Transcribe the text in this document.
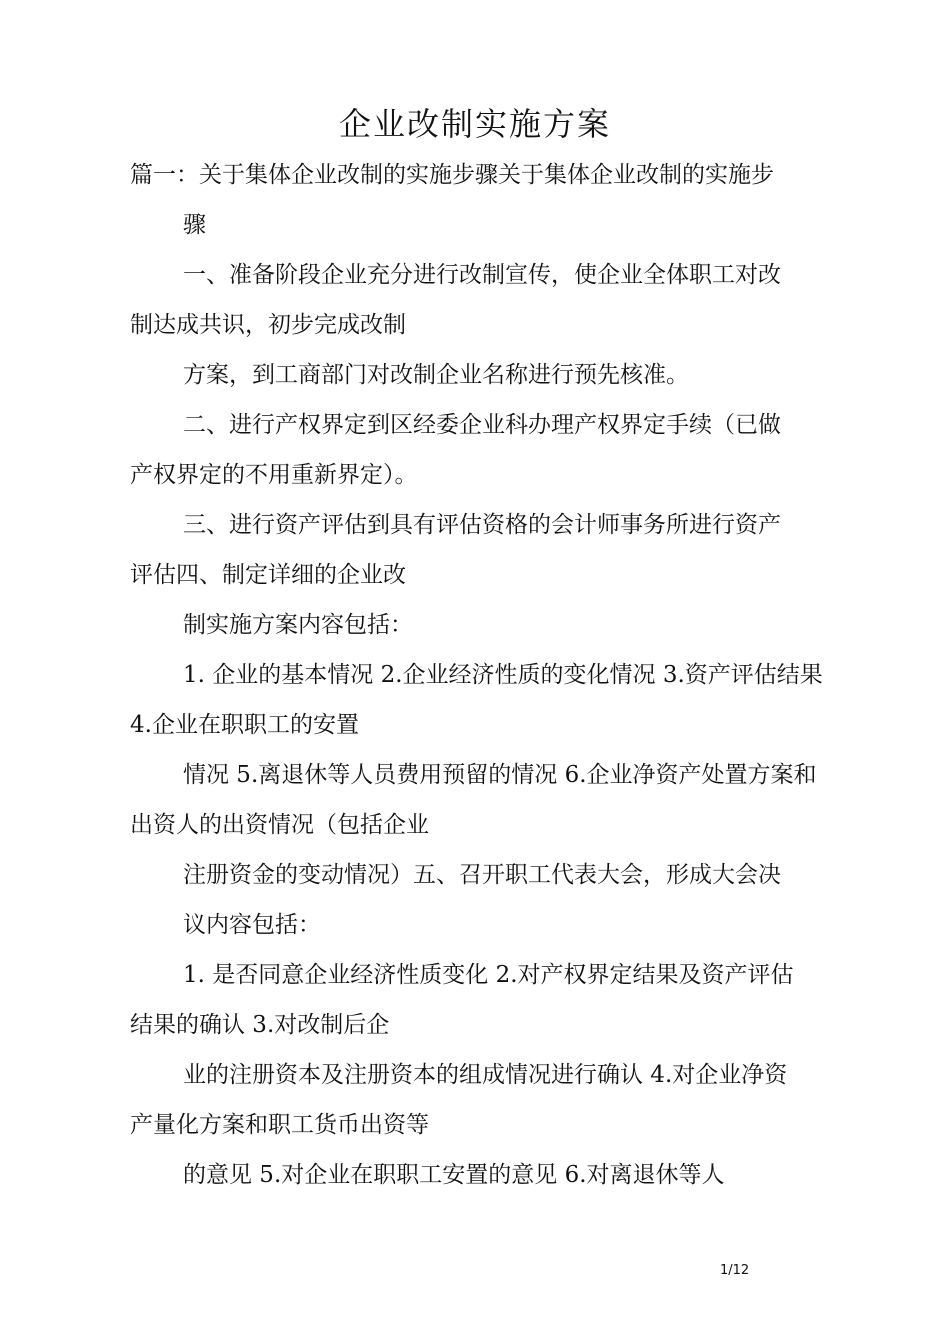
企业改制实施方案
篇一：关于集体企业改制的实施步骤关于集体企业改制的实施步
骤
一、准备阶段企业充分进行改制宣传，使企业全体职工对改
制达成共识，初步完成改制
方案，到工商部门对改制企业名称进行预先核准。
二、进行产权界定到区经委企业科办理产权界定手续（已做
产权界定的不用重新界定）。
三、进行资产评估到具有评估资格的会计师事务所进行资产
评估四、制定详细的企业改
制实施方案内容包括：
1. 企业的基本情况 2.企业经济性质的变化情况 3.资产评估结果
4.企业在职职工的安置
情况 5.离退休等人员费用预留的情况 6.企业净资产处置方案和
出资人的出资情况（包括企业
注册资金的变动情况）五、召开职工代表大会，形成大会决
议内容包括：
1. 是否同意企业经济性质变化 2.对产权界定结果及资产评估
结果的确认 3.对改制后企
业的注册资本及注册资本的组成情况进行确认 4.对企业净资
产量化方案和职工货币出资等
的意见 5.对企业在职职工安置的意见 6.对离退休等人
1/12
